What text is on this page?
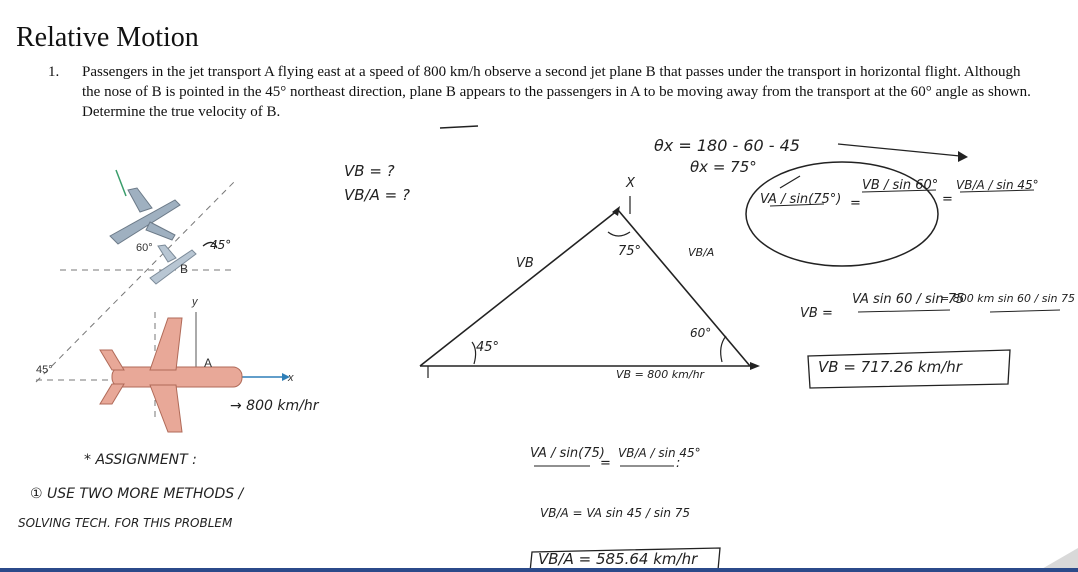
Relative Motion
1. Passengers in the jet transport A flying east at a speed of 800 km/h observe a second jet plane B that passes under the transport in horizontal flight. Although the nose of B is pointed in the 45° northeast direction, plane B appears to the passengers in A to be moving away from the transport at the 60° angle as shown. Determine the true velocity of B.
60°
B
y
A
45°
x
VB = ?
VB/A = ?
45°
→ 800 km/hr
* ASSIGNMENT :
① USE TWO MORE METHODS /
SOLVING TECH. FOR THIS PROBLEM
VB
X
75°	VB/A
45°
60°
VB = 800 km/hr
θx = 180 - 60 - 45
θx = 75°
VA / sin(75°) =
VB / sin 60°
=
VB/A / sin 45°
VB =
VA sin 60 / sin 75
= 800 km sin 60 / sin 75
VB = 717.26 km/hr
VA / sin(75)
=
VB/A / sin 45°
:
VB/A = VA sin 45 / sin 75
VB/A = 585.64 km/hr
